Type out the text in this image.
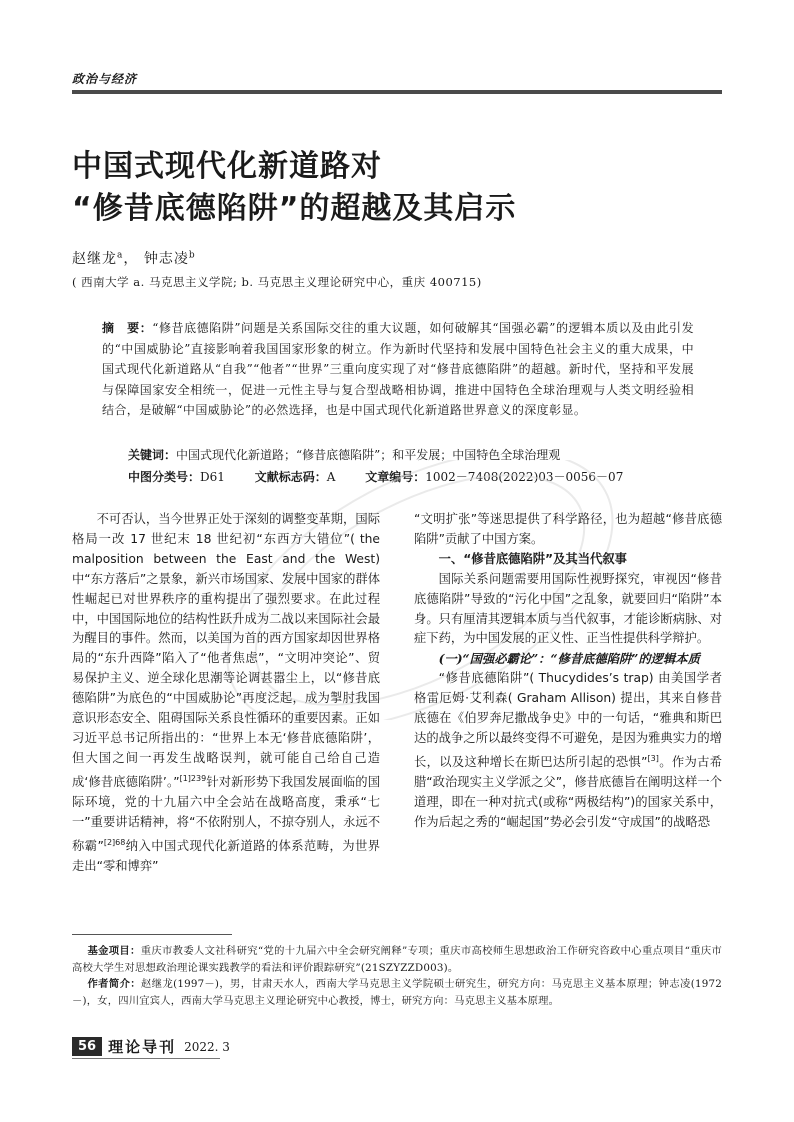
政治与经济
中国式现代化新道路对
“修昔底德陷阱”的超越及其启示
赵继龙$^a$， 钟志凌$^b$
( 西南大学 a. 马克思主义学院; b. 马克思主义理论研究中心，重庆 400715)
摘　要：“修昔底德陷阱”问题是关系国际交往的重大议题，如何破解其“国强必霸”的逻辑本质以及由此引发的“中国威胁论”直接影响着我国国家形象的树立。作为新时代坚持和发展中国特色社会主义的重大成果，中国式现代化新道路从“自我”“他者”“世界”三重向度实现了对“修昔底德陷阱”的超越。新时代，坚持和平发展与保障国家安全相统一，促进一元性主导与复合型战略相协调，推进中国特色全球治理观与人类文明经验相结合，是破解“中国威胁论”的必然选择，也是中国式现代化新道路世界意义的深度彰显。
关键词：中国式现代化新道路；“修昔底德陷阱”；和平发展；中国特色全球治理观
中图分类号：D61 文献标志码：A 文章编号：1002－7408(2022)03－0056－07

不可否认，当今世界正处于深刻的调整变革期，国际格局一改 17 世纪末 18 世纪初“东西方大错位”( the malposition between the East and the West) 中“东方落后”之景象，新兴市场国家、发展中国家的群体性崛起已对世界秩序的重构提出了强烈要求。在此过程中，中国国际地位的结构性跃升成为二战以来国际社会最为醒目的事件。然而，以美国为首的西方国家却因世界格局的“东升西降”陷入了“他者焦虑”，“文明冲突论”、贸易保护主义、逆全球化思潮等论调甚嚣尘上，以“修昔底德陷阱”为底色的“中国威胁论”再度泛起，成为掣肘我国意识形态安全、阻碍国际关系良性循环的重要因素。正如习近平总书记所指出的：“世界上本无‘修昔底德陷阱’，但大国之间一再发生战略误判，就可能自己给自己造成‘修昔底德陷阱’。”$^{[1]239}$针对新形势下我国发展面临的国际环境，党的十九届六中全会站在战略高度，秉承“七一”重要讲话精神，将“不依附别人，不掠夺别人，永远不称霸”$^{[2]68}$纳入中国式现代化新道路的体系范畴，为世界走出“零和博弈”

“文明扩张”等迷思提供了科学路径，也为超越“修昔底德陷阱”贡献了中国方案。

一、“修昔底德陷阱”及其当代叙事

国际关系问题需要用国际性视野探究，审视因“修昔底德陷阱”导致的“污化中国”之乱象，就要回归“陷阱”本身。只有厘清其逻辑本质与当代叙事，才能诊断病脉、对症下药，为中国发展的正义性、正当性提供科学辩护。

(一)“国强必霸论”：“修昔底德陷阱”的逻辑本质

“修昔底德陷阱”( Thucydides’s trap) 由美国学者格雷厄姆·艾利森( Graham Allison) 提出，其来自修昔底德在《伯罗奔尼撒战争史》中的一句话，“雅典和斯巴达的战争之所以最终变得不可避免，是因为雅典实力的增长，以及这种增长在斯巴达所引起的恐惧”[3]。作为古希腊“政治现实主义学派之父”，修昔底德旨在阐明这样一个道理，即在一种对抗式(或称“两极结构”)的国家关系中，作为后起之秀的“崛起国”势必会引发“守成国”的战略恐

基金项目：重庆市教委人文社科研究“党的十九届六中全会研究阐释”专项；重庆市高校师生思想政治工作研究咨政中心重点项目“重庆市高校大学生对思想政治理论课实践教学的看法和评价跟踪研究”(21SZYZZD003)。

作者简介：赵继龙(1997－)，男，甘肃天水人，西南大学马克思主义学院硕士研究生，研究方向：马克思主义基本原理；钟志凌(1972－)，女，四川宜宾人，西南大学马克思主义理论研究中心教授，博士，研究方向：马克思主义基本原理。

56 理论导刊 2022. 3
